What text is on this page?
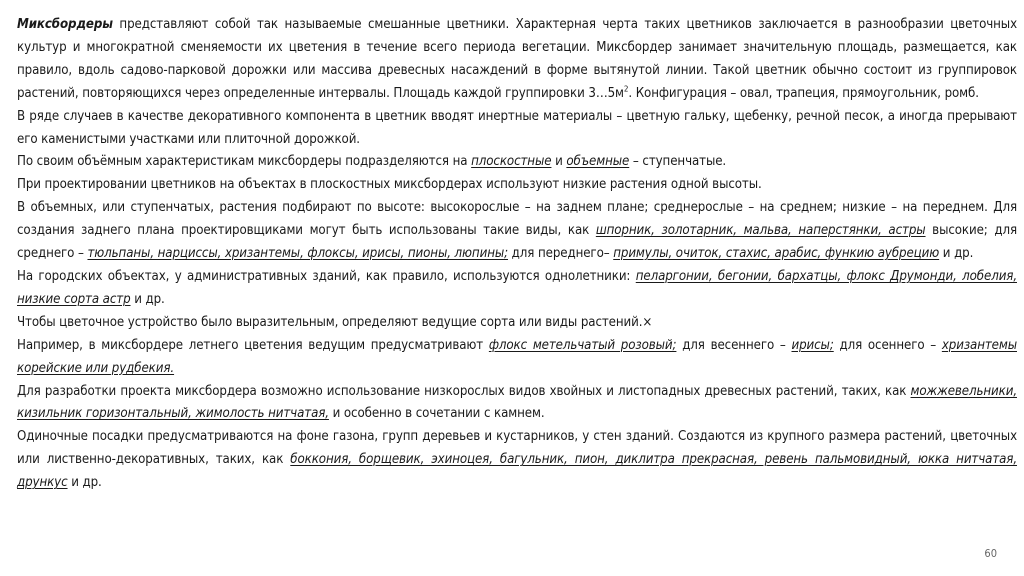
Миксбордеры представляют собой так называемые смешанные цветники. Характерная черта таких цветников заключается в разнообразии цветочных культур и многократной сменяемости их цветения в течение всего периода вегетации. Миксбордер занимает значительную площадь, размещается, как правило, вдоль садово-парковой дорожки или массива древесных насаждений в форме вытянутой линии. Такой цветник обычно состоит из группировок растений, повторяющихся через определенные интервалы. Площадь каждой группировки $3\dots 5м^2$. Конфигурация – овал, трапеция, прямоугольник, ромб.

В ряде случаев в качестве декоративного компонента в цветник вводят инертные материалы – цветную гальку, щебенку, речной песок, а иногда прерывают его каменистыми участками или плиточной дорожкой.

По своим объёмным характеристикам миксбордеры подразделяются на плоскостные и объемные – ступенчатые.

При проектировании цветников на объектах в плоскостных миксбордерах используют низкие растения одной высоты.

В объемных, или ступенчатых, растения подбирают по высоте: высокорослые – на заднем плане; среднерослые – на среднем; низкие – на переднем. Для создания заднего плана проектировщиками могут быть использованы такие виды, как шпорник, золотарник, мальва, наперстянки, астры высокие; для среднего – тюльпаны, нарциссы, хризантемы, флоксы, ирисы, пионы, люпины; для переднего– примулы, очиток, стахис, арабис, функию аубрецию и др.

На городских объектах, у административных зданий, как правило, используются однолетники: пеларгонии, бегонии, бархатцы, флокс Друмонди, лобелия, низкие сорта астр и др.

Чтобы цветочное устройство было выразительным, определяют ведущие сорта или виды растений.×

Например, в миксбордере летнего цветения ведущим предусматривают флокс метельчатый розовый; для весеннего – ирисы; для осеннего – хризантемы корейские или рудбекия.

Для разработки проекта миксбордера возможно использование низкорослых видов хвойных и листопадных древесных растений, таких, как можжевельники, кизильник горизонтальный, жимолость нитчатая, и особенно в сочетании с камнем.

Одиночные посадки предусматриваются на фоне газона, групп деревьев и кустарников, у стен зданий. Создаются из крупного размера растений, цветочных или лиственно-декоративных, таких, как бокко‌ния, борщевик, эхиноцея, багульник, пион, диклитра прекрасная, ревень пальмовидный, юкка нитчатая, дрункус и др.

60
